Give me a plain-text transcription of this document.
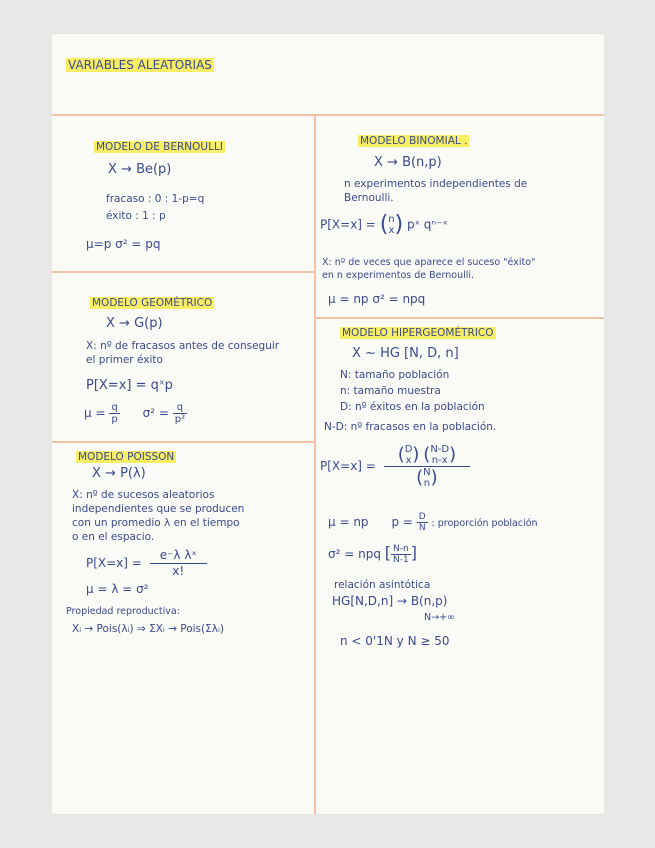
VARIABLES ALEATORIAS
MODELO DE BERNOULLI
X → Be(p)
fracaso : 0 : 1-p=q
éxito : 1 : p
μ=p σ² = pq
MODELO BINOMIAL .
X → B(n,p)
n experimentos independientes de
Bernoulli.
P[X=x] = (n
x) pˣ qⁿ⁻ˣ
X: nº de veces que aparece el suceso "éxito"
en n experimentos de Bernoulli.
μ = np σ² = npq
MODELO GEOMÉTRICO
X → G(p)
X: nº de fracasos antes de conseguir
el primer éxito
P[X=x] = qˣp
$\mu = \frac{q}{p} \sigma^2 = \frac{q}{\text{p²}}$
MODELO HIPERGEOMÉTRICO
X ~ HG [N, D, n]
N: tamaño población
n: tamaño muestra
D: nº éxitos en la población
N-D: nº fracasos en la población.
P[X=x] =
(D
x) (N-D
n-x)
(N
n)
μ = np $p = \frac{D}{N}$ : proporción población
σ² = npq [ $\frac{N-n}{N-1}$ ]
relación asintótica
HG[N,D,n] → B(n,p)
N→+∞
n < 0'1N y N ≥ 50
MODELO POISSON
X → P(λ)
X: nº de sucesos aleatorios
independientes que se producen
con un promedio λ en el tiempo
o en el espacio.
$P[X=x] = \frac{\text{e⁻λ λˣ}}{x!}$
μ = λ = σ²
Propiedad reproductiva:
Xᵢ → Pois(λᵢ) ⇒ ΣXᵢ → Pois(Σλᵢ)
